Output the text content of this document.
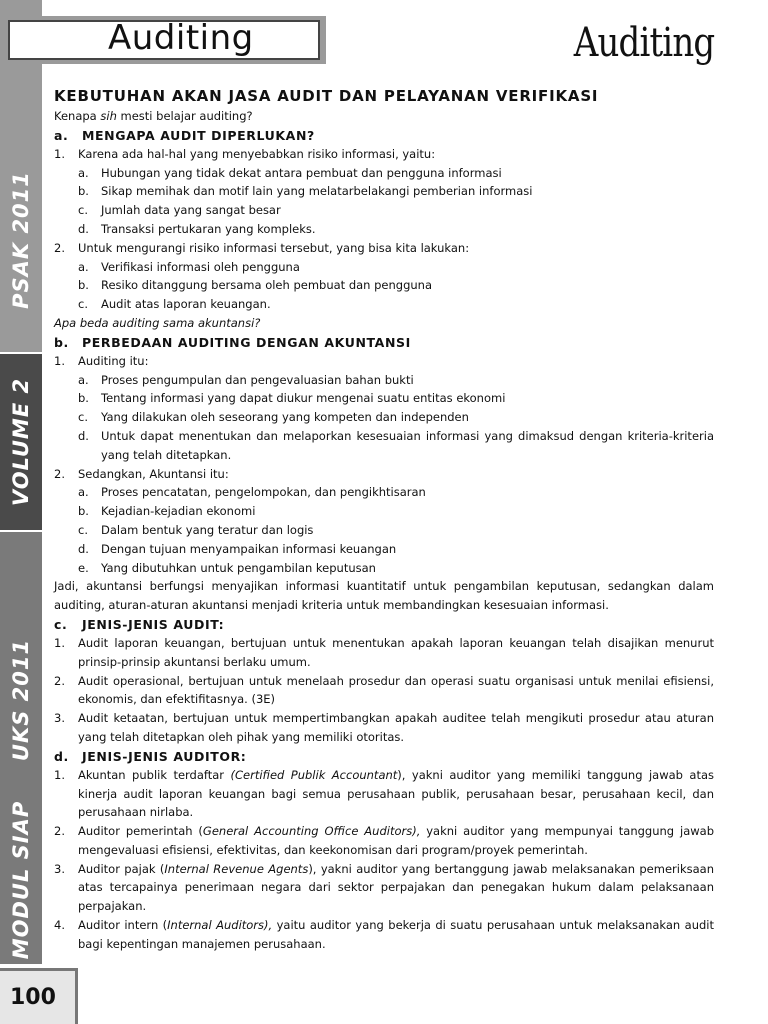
PSAK 2011
VOLUME 2
UKS 2011
MODUL SIAP
100
Auditing	Auditing
KEBUTUHAN AKAN JASA AUDIT DAN PELAYANAN VERIFIKASI

Kenapa sih mesti belajar auditing?

a.	MENGAPA AUDIT DIPERLUKAN?
1.	Karena ada hal-hal yang menyebabkan risiko informasi, yaitu:
a.	Hubungan yang tidak dekat antara pembuat dan pengguna informasi
b.	Sikap memihak dan motif lain yang melatarbelakangi pemberian informasi
c.	Jumlah data yang sangat besar
d.	Transaksi pertukaran yang kompleks.
2.	Untuk mengurangi risiko informasi tersebut, yang bisa kita lakukan:
a.	Verifikasi informasi oleh pengguna
b.	Resiko ditanggung bersama oleh pembuat dan pengguna
c.	Audit atas laporan keuangan.

Apa beda auditing sama akuntansi?

b.	PERBEDAAN AUDITING DENGAN AKUNTANSI
1.	Auditing itu:
a.	Proses pengumpulan dan pengevaluasian bahan bukti
b.	Tentang informasi yang dapat diukur mengenai suatu entitas ekonomi
c.	Yang dilakukan oleh seseorang yang kompeten dan independen
d.	Untuk dapat menentukan dan melaporkan kesesuaian informasi yang dimaksud dengan kriteria-kriteria yang telah ditetapkan.
2.	Sedangkan, Akuntansi itu:
a.	Proses pencatatan, pengelompokan, dan pengikhtisaran
b.	Kejadian-kejadian ekonomi
c.	Dalam bentuk yang teratur dan logis
d.	Dengan tujuan menyampaikan informasi keuangan
e.	Yang dibutuhkan untuk pengambilan keputusan

Jadi, akuntansi berfungsi menyajikan informasi kuantitatif untuk pengambilan keputusan, sedangkan dalam auditing, aturan-aturan akuntansi menjadi kriteria untuk membandingkan kesesuaian informasi.

c.	JENIS-JENIS AUDIT:
1.	Audit laporan keuangan, bertujuan untuk menentukan apakah laporan keuangan telah disajikan menurut prinsip-prinsip akuntansi berlaku umum.
2.	Audit operasional, bertujuan untuk menelaah prosedur dan operasi suatu organisasi untuk menilai efisiensi, ekonomis, dan efektifitasnya. (3E)
3.	Audit ketaatan, bertujuan untuk mempertimbangkan apakah auditee telah mengikuti prosedur atau aturan yang telah ditetapkan oleh pihak yang memiliki otoritas.
d.	JENIS-JENIS AUDITOR:
1.	Akuntan publik terdaftar (Certified Publik Accountant), yakni auditor yang memiliki tanggung jawab atas kinerja audit laporan keuangan bagi semua perusahaan publik, perusahaan besar, perusahaan kecil, dan perusahaan nirlaba.
2.	Auditor pemerintah (General Accounting Office Auditors), yakni auditor yang mempunyai tanggung jawab mengevaluasi efisiensi, efektivitas, dan keekonomisan dari program/proyek pemerintah.
3.	Auditor pajak (Internal Revenue Agents), yakni auditor yang bertanggung jawab melaksanakan pemeriksaan atas tercapainya penerimaan negara dari sektor perpajakan dan penegakan hukum dalam pelaksanaan perpajakan.
4.	Auditor intern (Internal Auditors), yaitu auditor yang bekerja di suatu perusahaan untuk melaksanakan audit bagi kepentingan manajemen perusahaan.
